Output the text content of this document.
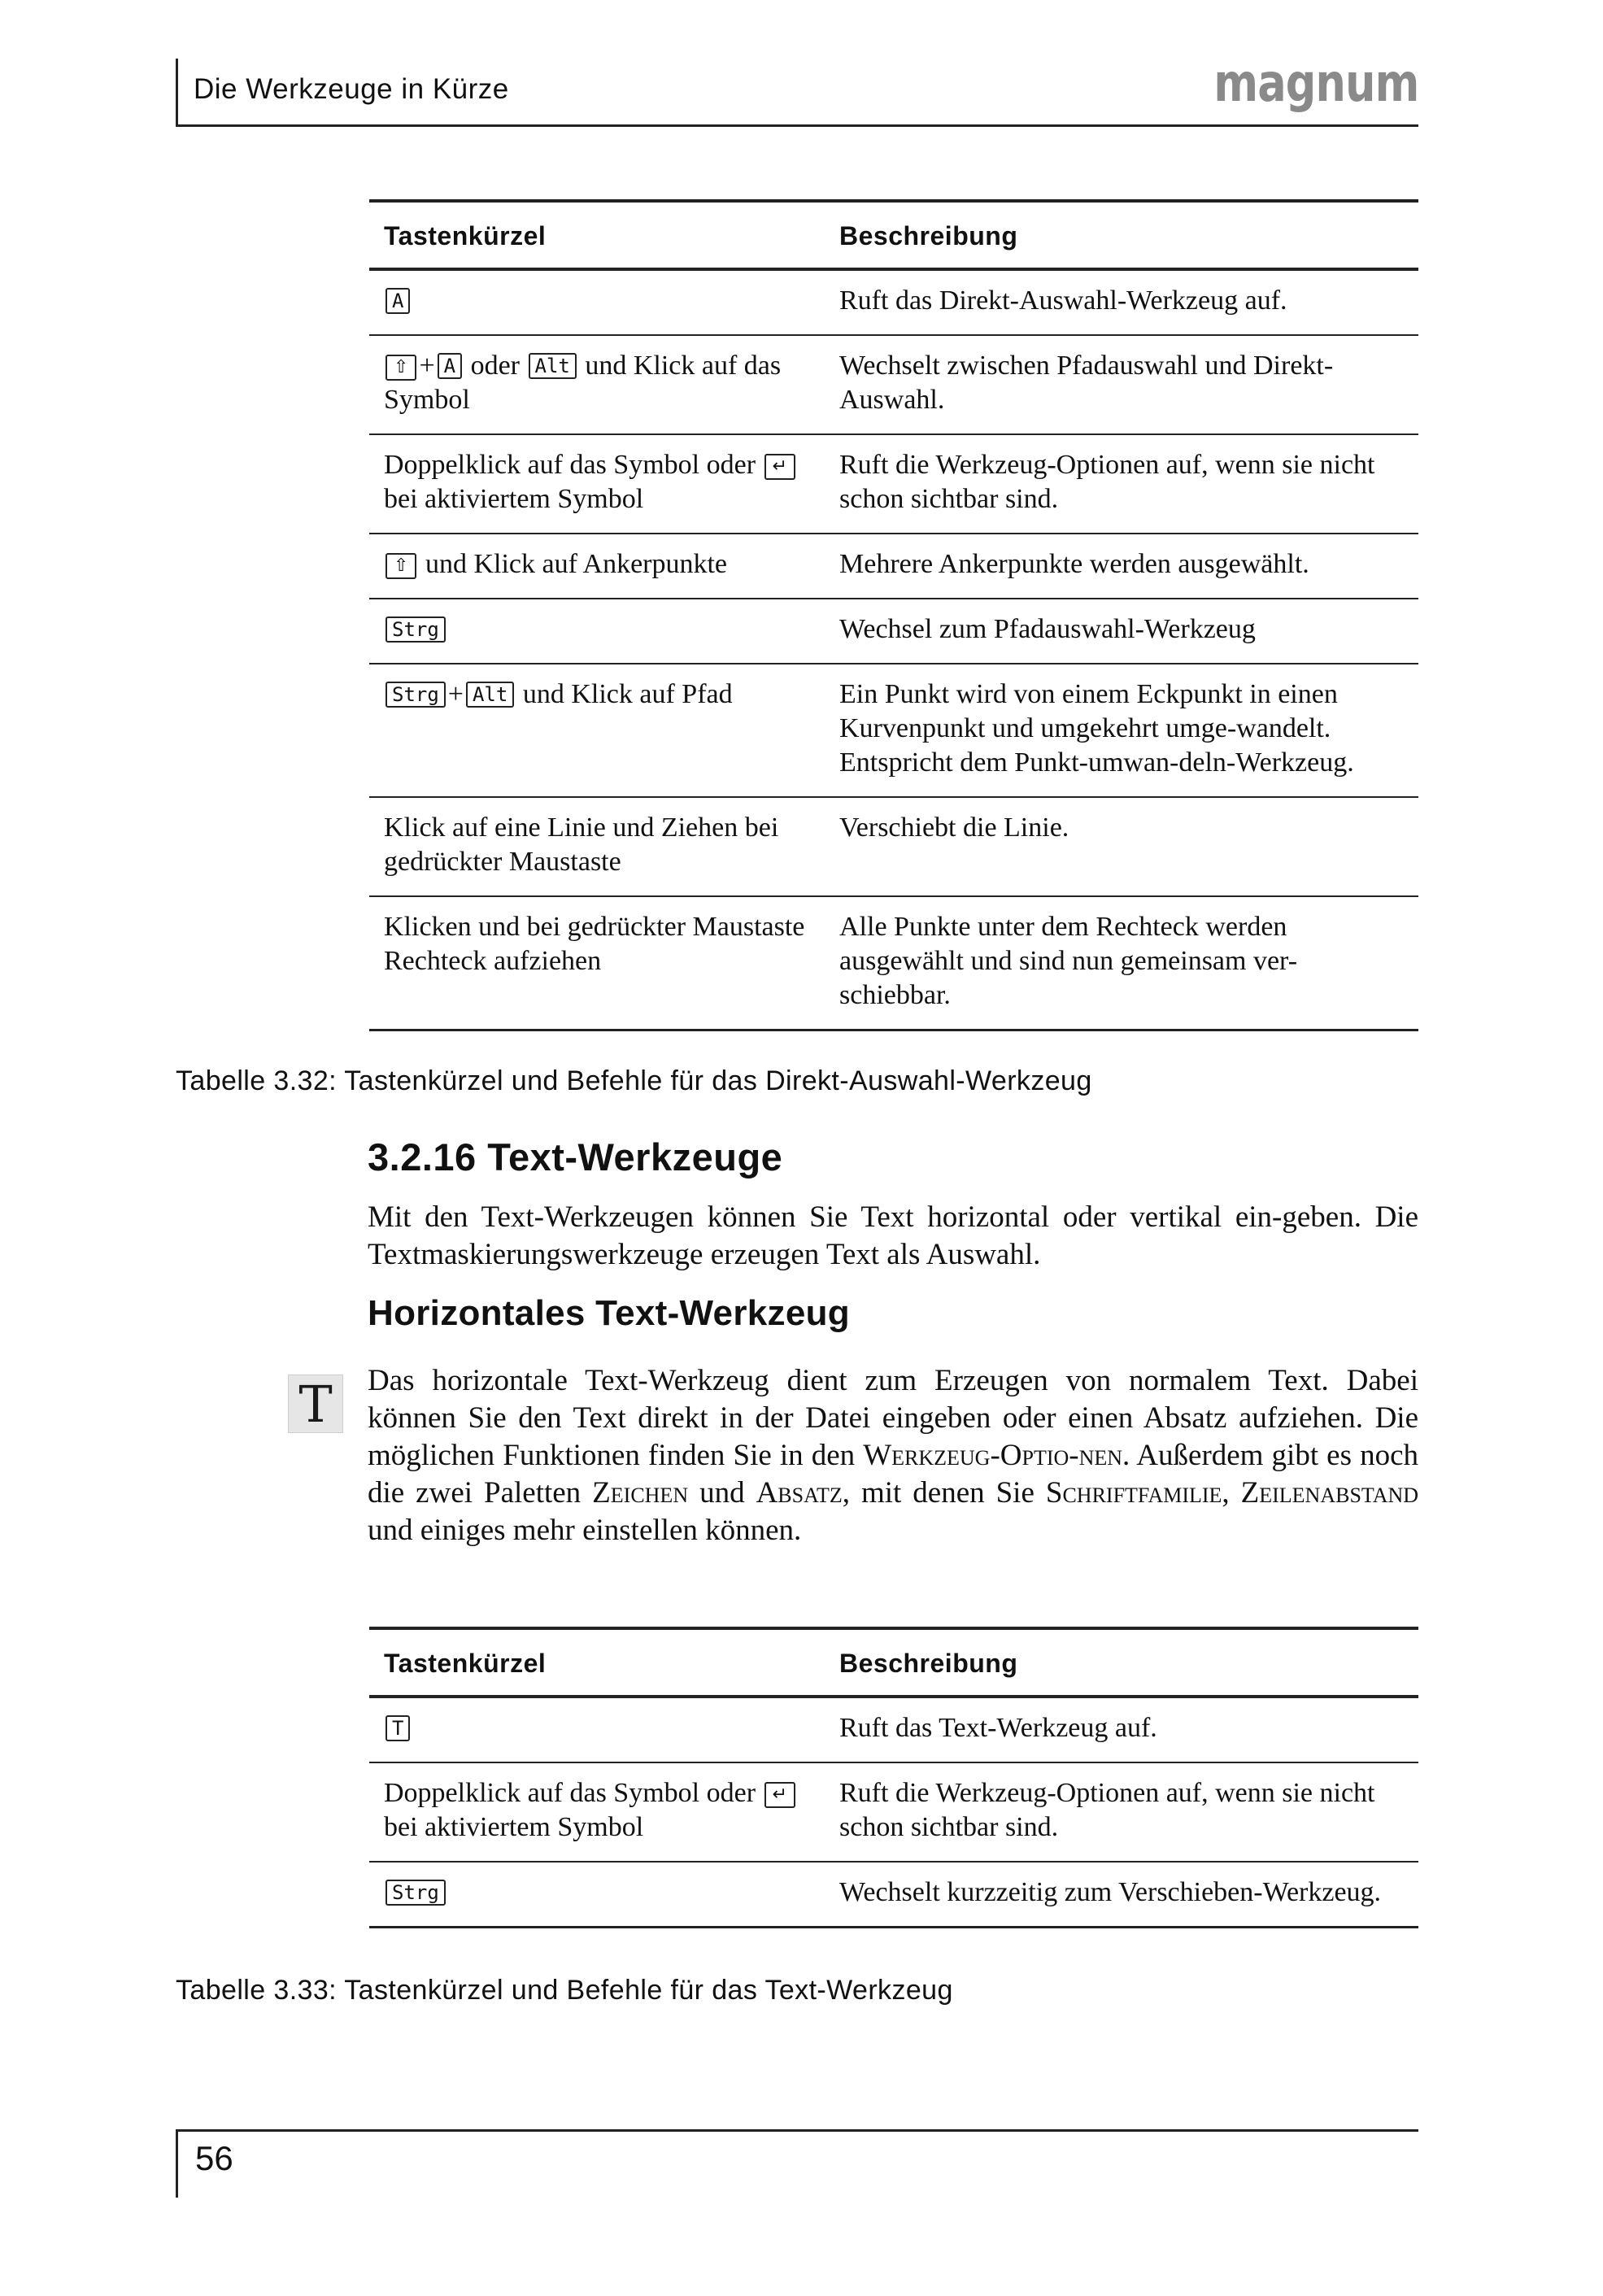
Die Werkzeuge in Kürze	magnum
Tastenkürzel	Beschreibung
A	Ruft das Direkt-Auswahl-Werkzeug auf.
⇧ + A oder Alt und Klick auf das Symbol	Wechselt zwischen Pfadauswahl und Direkt-Auswahl.
Doppelklick auf das Symbol oder ↵ bei aktiviertem Symbol	Ruft die Werkzeug-Optionen auf, wenn sie nicht schon sichtbar sind.
⇧ und Klick auf Ankerpunkte	Mehrere Ankerpunkte werden ausgewählt.
Strg	Wechsel zum Pfadauswahl-Werkzeug
Strg + Alt und Klick auf Pfad	Ein Punkt wird von einem Eckpunkt in einen Kurvenpunkt und umgekehrt umge-wandelt. Entspricht dem Punkt-umwan-deln-Werkzeug.
Klick auf eine Linie und Ziehen bei gedrückter Maustaste	Verschiebt die Linie.
Klicken und bei gedrückter Maustaste Rechteck aufziehen	Alle Punkte unter dem Rechteck werden ausgewählt und sind nun gemeinsam ver-schiebbar.
Tabelle 3.32: Tastenkürzel und Befehle für das Direkt-Auswahl-Werkzeug
3.2.16 Text-Werkzeuge
Mit den Text-Werkzeugen können Sie Text horizontal oder vertikal ein-geben. Die Textmaskierungswerkzeuge erzeugen Text als Auswahl.
Horizontales Text-Werkzeug
T	Das horizontale Text-Werkzeug dient zum Erzeugen von normalem Text. Dabei können Sie den Text direkt in der Datei eingeben oder einen Absatz aufziehen. Die möglichen Funktionen finden Sie in den Werkzeug-Optio-nen. Außerdem gibt es noch die zwei Paletten Zeichen und Absatz, mit denen Sie Schriftfamilie, Zeilenabstand und einiges mehr einstellen können.
Tastenkürzel	Beschreibung
T	Ruft das Text-Werkzeug auf.
Doppelklick auf das Symbol oder ↵ bei aktiviertem Symbol	Ruft die Werkzeug-Optionen auf, wenn sie nicht schon sichtbar sind.
Strg	Wechselt kurzzeitig zum Verschieben-Werkzeug.
Tabelle 3.33: Tastenkürzel und Befehle für das Text-Werkzeug
56
